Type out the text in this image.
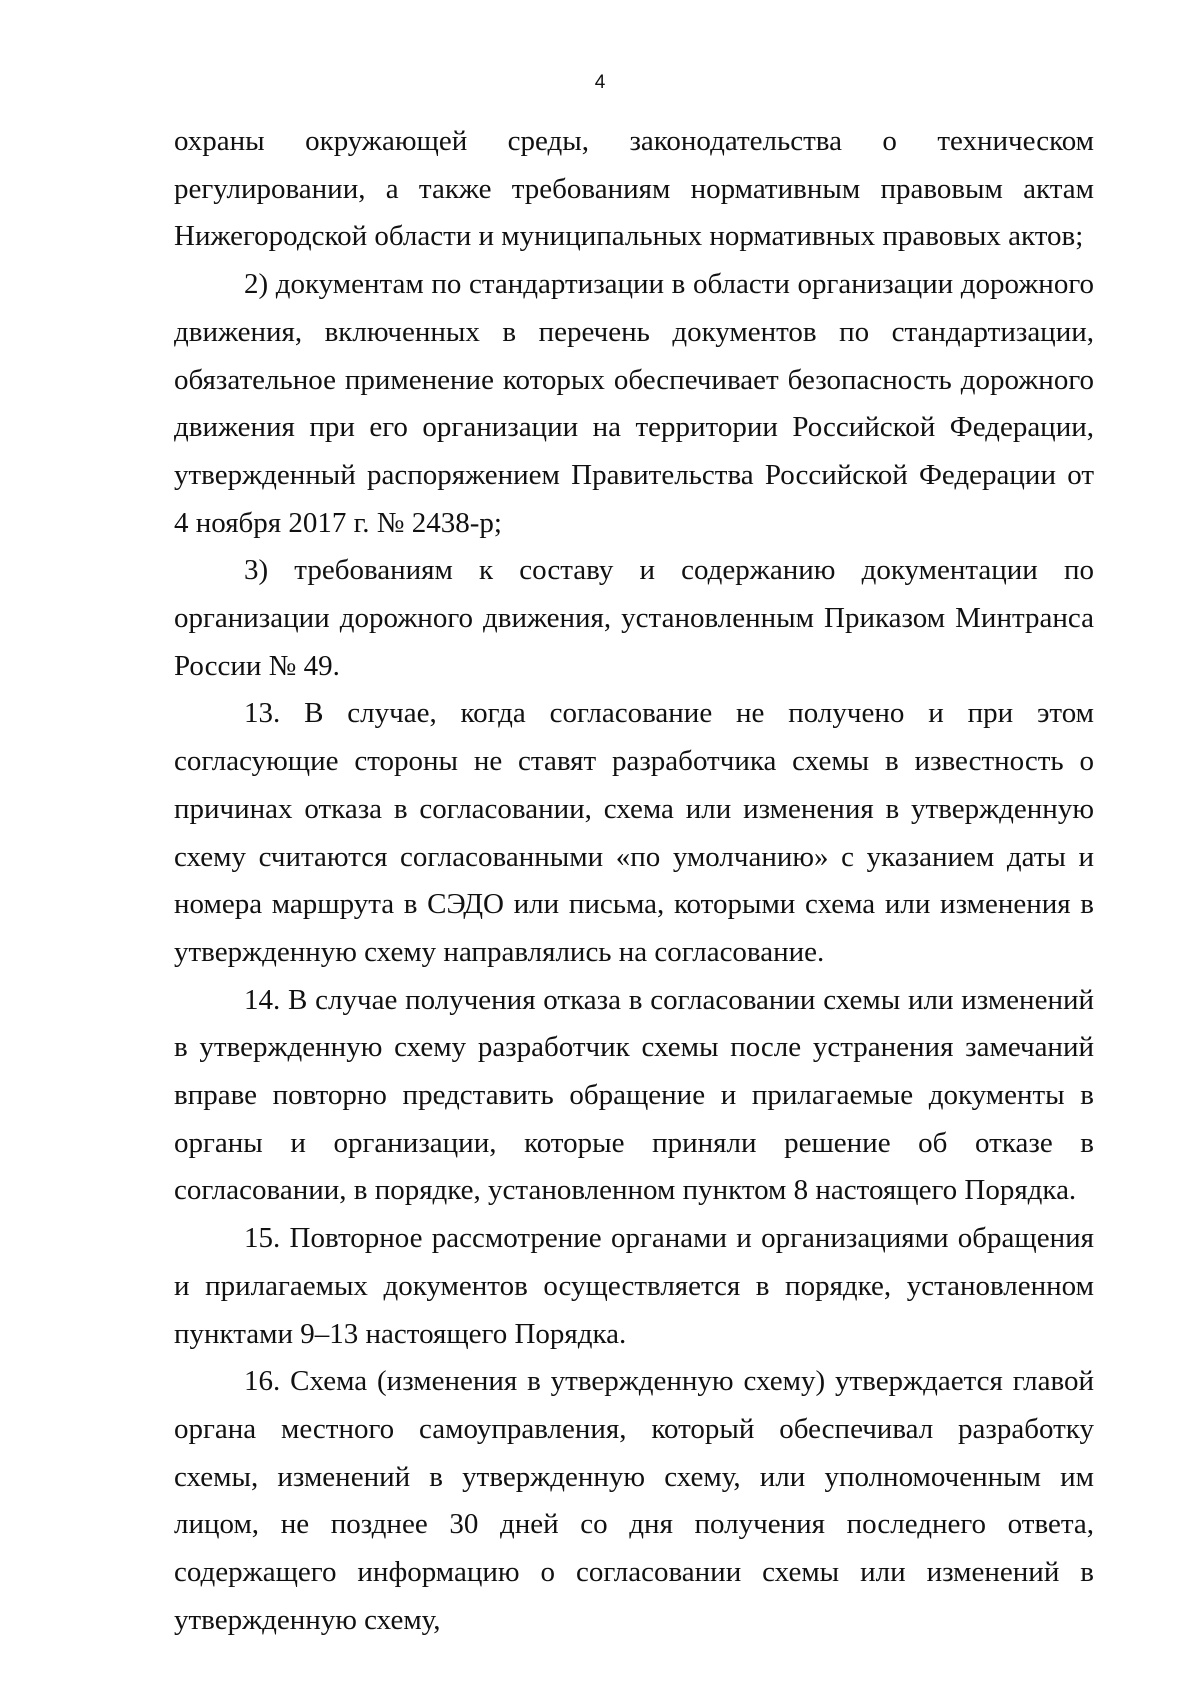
4

охраны окружающей среды, законодательства о техническом регулировании, а также требованиям нормативным правовым актам Нижегородской области и муниципальных нормативных правовых актов;

2) документам по стандартизации в области организации дорожного движения, включенных в перечень документов по стандартизации, обязательное применение которых обеспечивает безопасность дорожного движения при его организации на территории Российской Федерации, утвержденный распоряжением Правительства Российской Федерации от 4 ноября 2017 г. № 2438-р;

3) требованиям к составу и содержанию документации по организации дорожного движения, установленным Приказом Минтранса России № 49.

13. В случае, когда согласование не получено и при этом согласующие стороны не ставят разработчика схемы в известность о причинах отказа в согласовании, схема или изменения в утвержденную схему считаются согласованными «по умолчанию» с указанием даты и номера маршрута в СЭДО или письма, которыми схема или изменения в утвержденную схему направлялись на согласование.

14. В случае получения отказа в согласовании схемы или изменений в утвержденную схему разработчик схемы после устранения замечаний вправе повторно представить обращение и прилагаемые документы в органы и организации, которые приняли решение об отказе в согласовании, в порядке, установленном пунктом 8 настоящего Порядка.

15. Повторное рассмотрение органами и организациями обращения и прилагаемых документов осуществляется в порядке, установленном пунктами 9–13 настоящего Порядка.

16. Схема (изменения в утвержденную схему) утверждается главой органа местного самоуправления, который обеспечивал разработку схемы, изменений в утвержденную схему, или уполномоченным им лицом, не позднее 30 дней со дня получения последнего ответа, содержащего информацию о согласовании схемы или изменений в утвержденную схему,
